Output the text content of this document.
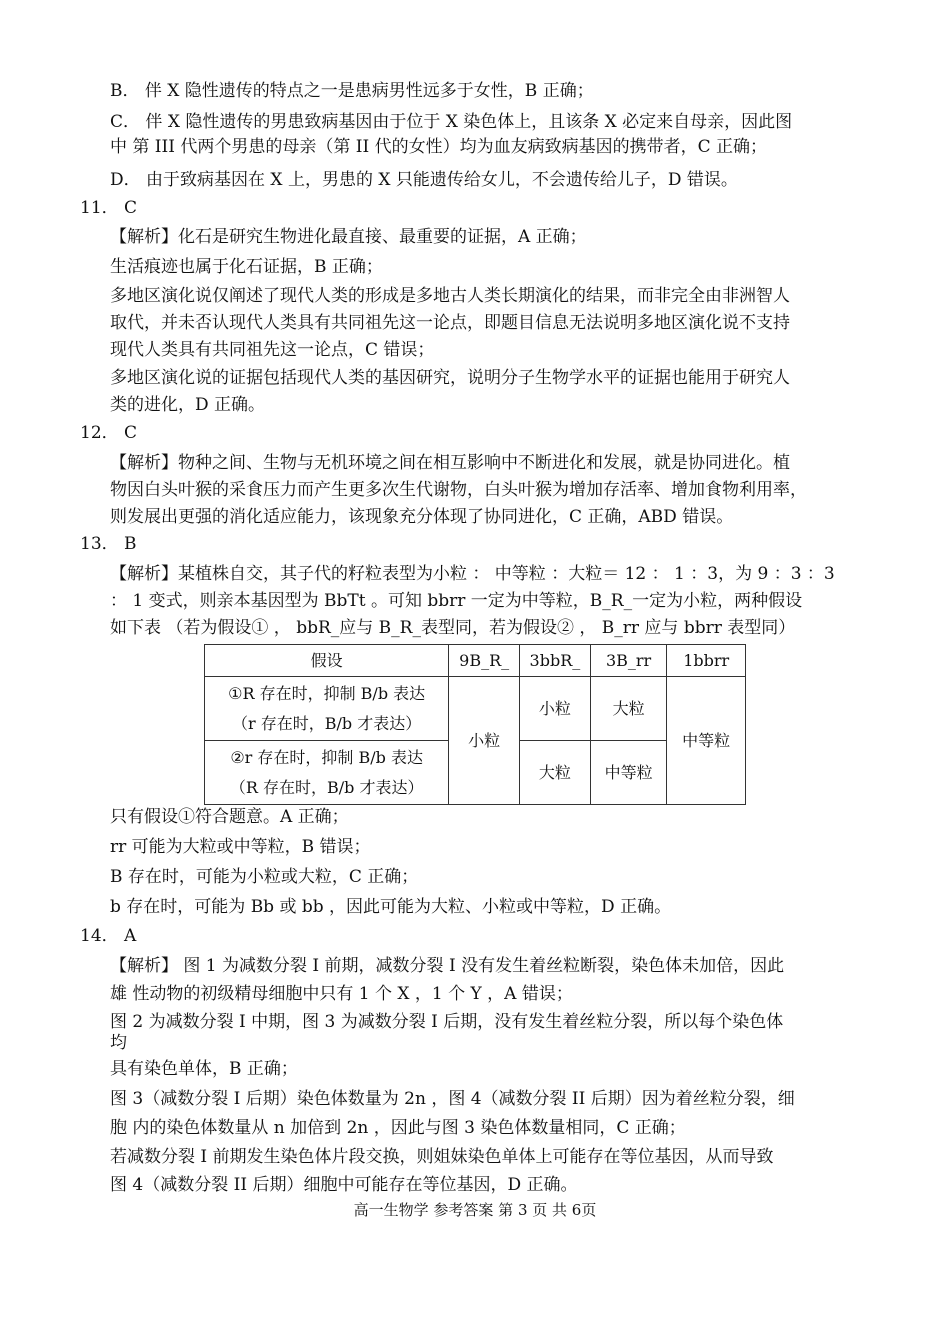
B． 伴 X 隐性遗传的特点之一是患病男性远多于女性，B 正确；
C． 伴 X 隐性遗传的男患致病基因由于位于 X 染色体上，且该条 X 必定来自母亲，因此图
中 第 III 代两个男患的母亲（第 II 代的女性）均为血友病致病基因的携带者，C 正确；
D． 由于致病基因在 X 上，男患的 X 只能遗传给女儿，不会遗传给儿子，D 错误。
11． C
【解析】化石是研究生物进化最直接、最重要的证据，A 正确；
生活痕迹也属于化石证据，B 正确；
多地区演化说仅阐述了现代人类的形成是多地古人类长期演化的结果，而非完全由非洲智人
取代，并未否认现代人类具有共同祖先这一论点，即题目信息无法说明多地区演化说不支持
现代人类具有共同祖先这一论点，C 错误；
多地区演化说的证据包括现代人类的基因研究，说明分子生物学水平的证据也能用于研究人
类的进化，D 正确。
12． C
【解析】物种之间、生物与无机环境之间在相互影响中不断进化和发展，就是协同进化。植
物因白头叶猴的采食压力而产生更多次生代谢物，白头叶猴为增加存活率、增加食物利用率，
则发展出更强的消化适应能力，该现象充分体现了协同进化，C 正确，ABD 错误。
13． B
【解析】某植株自交，其子代的籽粒表型为小粒 ： 中等粒 ：大粒＝ 12 ： 1 ：3，为 9 ：3 ：3
： 1 变式，则亲本基因型为 BbTt 。可知 bbrr 一定为中等粒，B_R_一定为小粒，两种假设
如下表 （若为假设① ， bbR_应与 B_R_表型同，若为假设② ， B_rr 应与 bbrr 表型同）
假设	9B_R_	3bbR_	3B_rr	1bbrr

①R 存在时，抑制 B/b 表达
（r 存在时，B/b 才表达）	小粒	小粒	大粒	中等粒

②r 存在时，抑制 B/b 表达
（R 存在时，B/b 才表达）		大粒	中等粒	
只有假设①符合题意。A 正确；
rr 可能为大粒或中等粒，B 错误；
B 存在时，可能为小粒或大粒，C 正确；
b 存在时，可能为 Bb 或 bb ，因此可能为大粒、小粒或中等粒，D 正确。
14． A
【解析】 图 1 为减数分裂 I 前期，减数分裂 I 没有发生着丝粒断裂，染色体未加倍，因此
雄 性动物的初级精母细胞中只有 1 个 X ，1 个 Y ，A 错误；
图 2 为减数分裂 I 中期，图 3 为减数分裂 I 后期，没有发生着丝粒分裂，所以每个染色体
均
具有染色单体，B 正确；
图 3（减数分裂 I 后期）染色体数量为 2n ，图 4（减数分裂 II 后期）因为着丝粒分裂，细
胞 内的染色体数量从 n 加倍到 2n ，因此与图 3 染色体数量相同，C 正确；
若减数分裂 I 前期发生染色体片段交换，则姐妹染色单体上可能存在等位基因，从而导致
图 4（减数分裂 II 后期）细胞中可能存在等位基因，D 正确。
高一生物学 参考答案 第 3 页 共 6页
